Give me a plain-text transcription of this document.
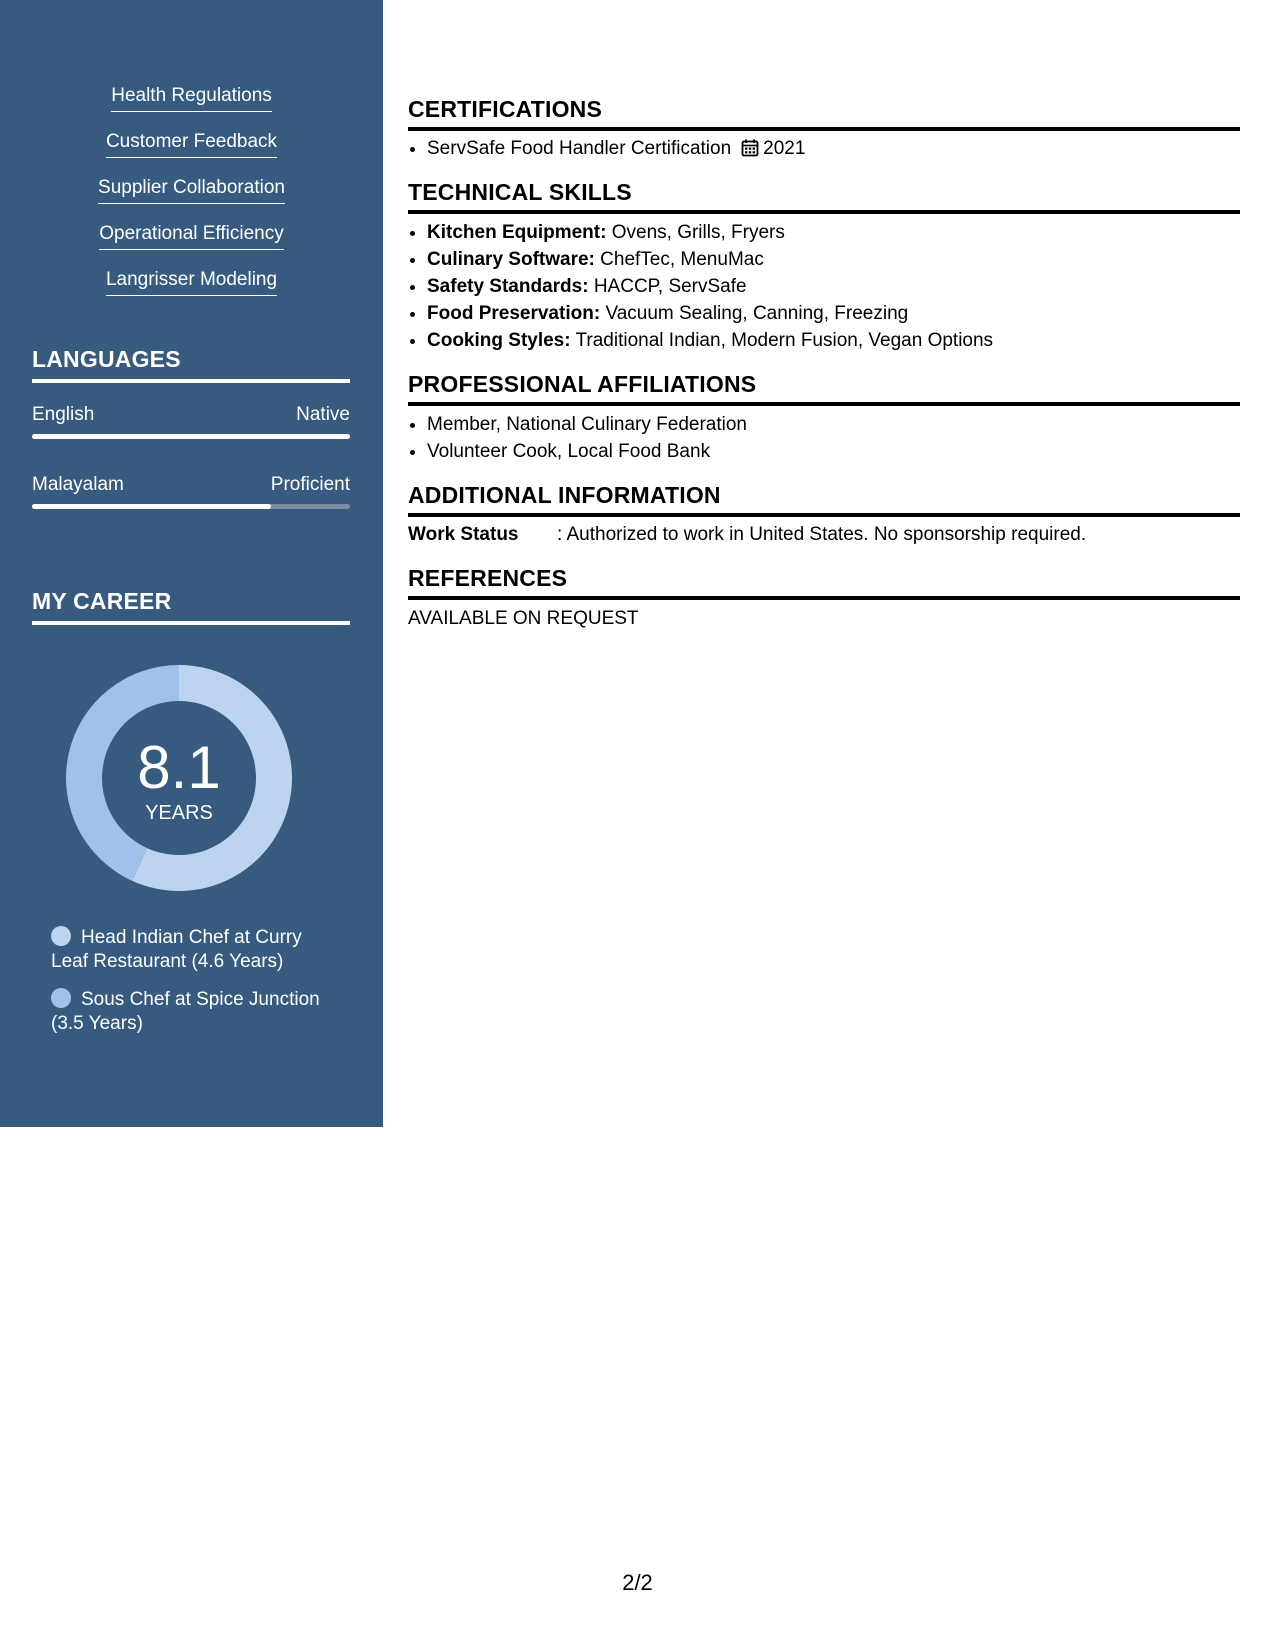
Health Regulations
Customer Feedback
Supplier Collaboration
Operational Efficiency
Langrisser Modeling
LANGUAGES
English	Native
Malayalam	Proficient
MY CAREER
8.1
YEARS
Head Indian Chef at Curry Leaf Restaurant (4.6 Years)
Sous Chef at Spice Junction (3.5 Years)
CERTIFICATIONS
• ServSafe Food Handler Certification 2021
TECHNICAL SKILLS
• Kitchen Equipment: Ovens, Grills, Fryers
• Culinary Software: ChefTec, MenuMac
• Safety Standards: HACCP, ServSafe
• Food Preservation: Vacuum Sealing, Canning, Freezing
• Cooking Styles: Traditional Indian, Modern Fusion, Vegan Options
PROFESSIONAL AFFILIATIONS
• Member, National Culinary Federation
• Volunteer Cook, Local Food Bank
ADDITIONAL INFORMATION
Work Status : Authorized to work in United States. No sponsorship required.
REFERENCES
AVAILABLE ON REQUEST
2/2
